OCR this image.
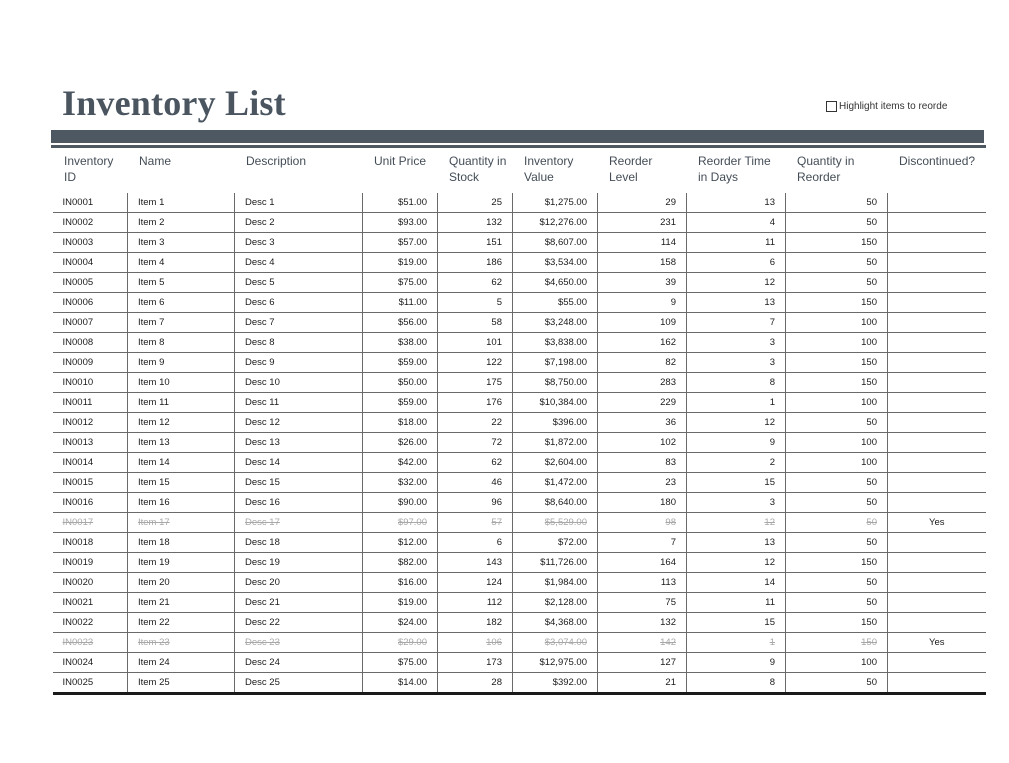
Inventory List	Highlight items to reorde
Inventory ID	Name	Description	Unit Price	Quantity in Stock	Inventory Value	Reorder Level	Reorder Time in Days	Quantity in Reorder	Discontinued?
IN0001	Item 1	Desc 1	$51.00	25	$1,275.00	29	13	50	
IN0002	Item 2	Desc 2	$93.00	132	$12,276.00	231	4	50	
IN0003	Item 3	Desc 3	$57.00	151	$8,607.00	114	11	150	
IN0004	Item 4	Desc 4	$19.00	186	$3,534.00	158	6	50	
IN0005	Item 5	Desc 5	$75.00	62	$4,650.00	39	12	50	
IN0006	Item 6	Desc 6	$11.00	5	$55.00	9	13	150	
IN0007	Item 7	Desc 7	$56.00	58	$3,248.00	109	7	100	
IN0008	Item 8	Desc 8	$38.00	101	$3,838.00	162	3	100	
IN0009	Item 9	Desc 9	$59.00	122	$7,198.00	82	3	150	
IN0010	Item 10	Desc 10	$50.00	175	$8,750.00	283	8	150	
IN0011	Item 11	Desc 11	$59.00	176	$10,384.00	229	1	100	
IN0012	Item 12	Desc 12	$18.00	22	$396.00	36	12	50	
IN0013	Item 13	Desc 13	$26.00	72	$1,872.00	102	9	100	
IN0014	Item 14	Desc 14	$42.00	62	$2,604.00	83	2	100	
IN0015	Item 15	Desc 15	$32.00	46	$1,472.00	23	15	50	
IN0016	Item 16	Desc 16	$90.00	96	$8,640.00	180	3	50	
IN0017	Item 17	Desc 17	$97.00	57	$5,529.00	98	12	50	Yes
IN0018	Item 18	Desc 18	$12.00	6	$72.00	7	13	50	
IN0019	Item 19	Desc 19	$82.00	143	$11,726.00	164	12	150	
IN0020	Item 20	Desc 20	$16.00	124	$1,984.00	113	14	50	
IN0021	Item 21	Desc 21	$19.00	112	$2,128.00	75	11	50	
IN0022	Item 22	Desc 22	$24.00	182	$4,368.00	132	15	150	
IN0023	Item 23	Desc 23	$29.00	106	$3,074.00	142	1	150	Yes
IN0024	Item 24	Desc 24	$75.00	173	$12,975.00	127	9	100	
IN0025	Item 25	Desc 25	$14.00	28	$392.00	21	8	50	
